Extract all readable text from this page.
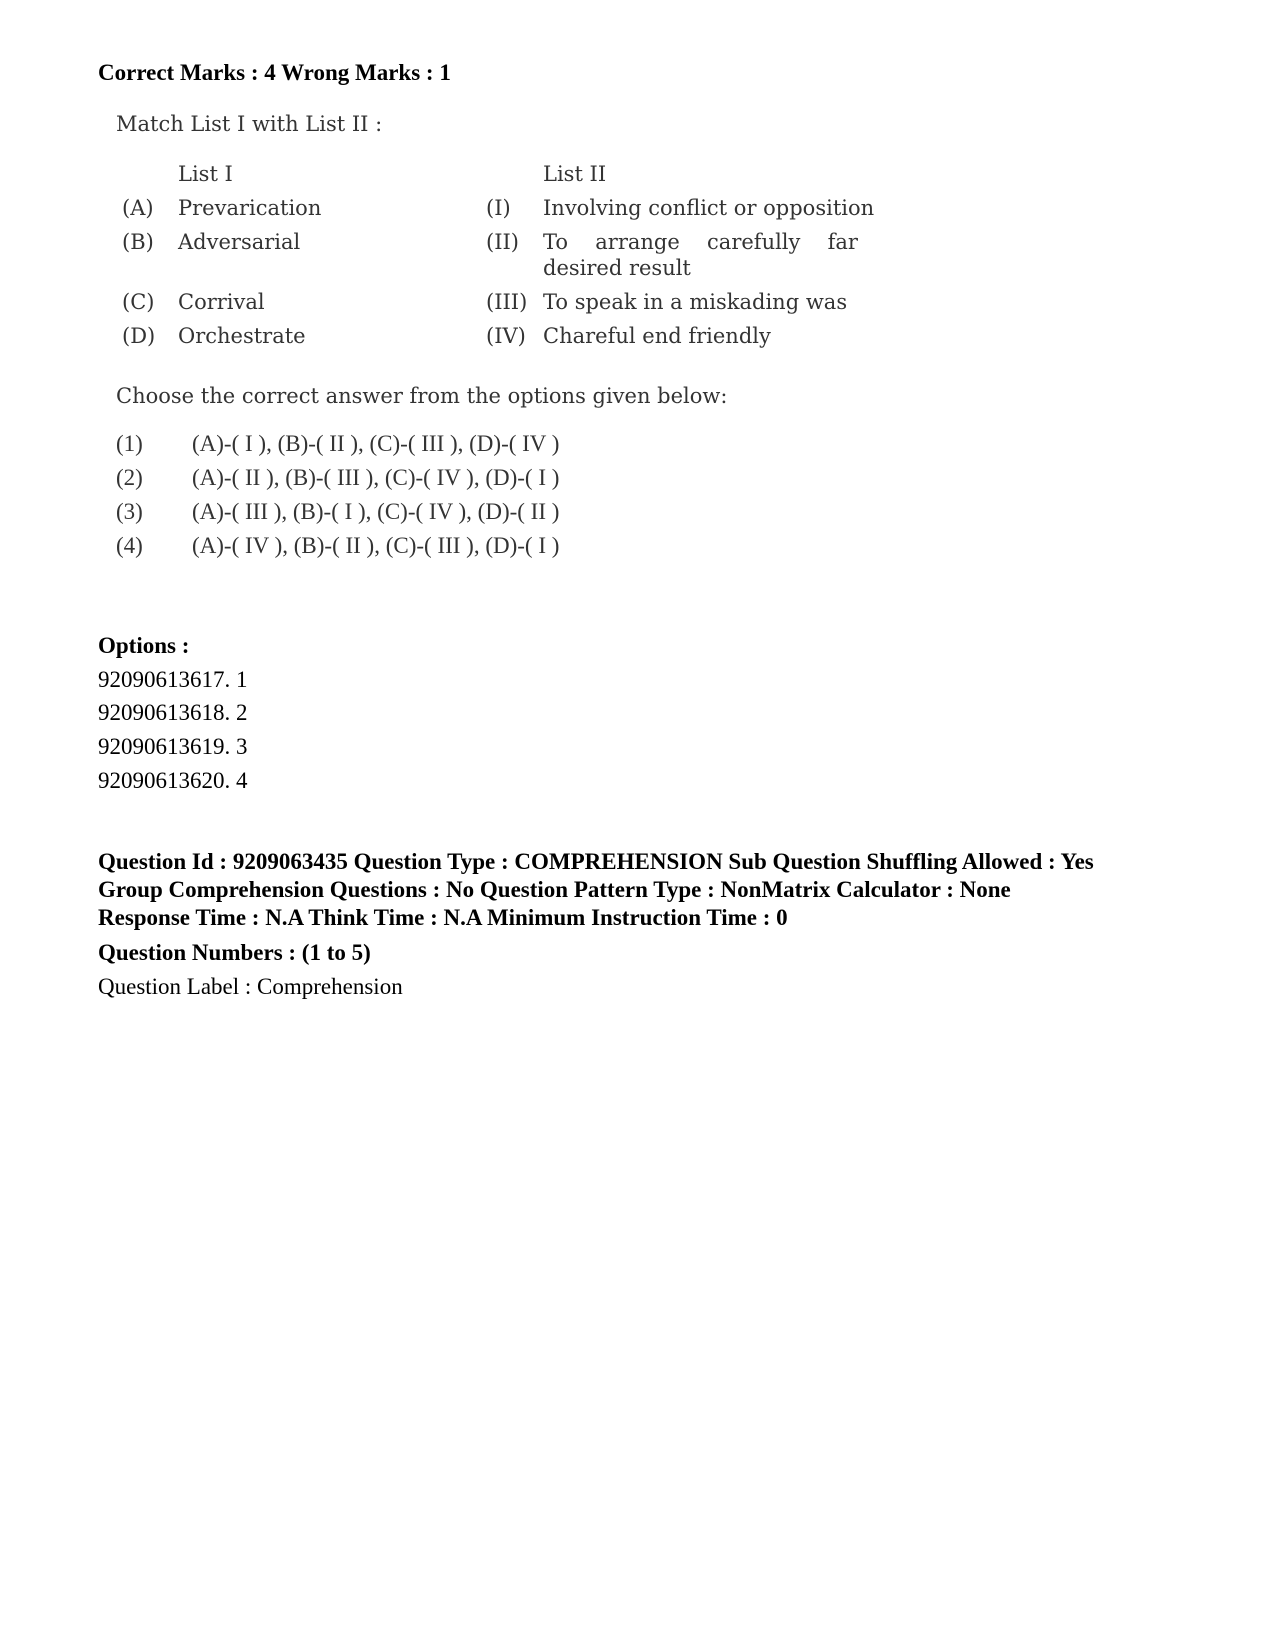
Correct Marks : 4 Wrong Marks : 1
Match List I with List II :
List I	List II
(A) Prevarication	(I) Involving conflict or opposition
(B) Adversarial	(II) To arrange carefully far
desired result
(C) Corrival	(III) To speak in a miskading was
(D) Orchestrate	(IV) Chareful end friendly
Choose the correct answer from the options given below:
(1) (A)-( I ), (B)-( II ), (C)-( III ), (D)-( IV )
(2) (A)-( II ), (B)-( III ), (C)-( IV ), (D)-( I )
(3) (A)-( III ), (B)-( I ), (C)-( IV ), (D)-( II )
(4) (A)-( IV ), (B)-( II ), (C)-( III ), (D)-( I )
Options :
92090613617. 1
92090613618. 2
92090613619. 3
92090613620. 4
Question Id : 9209063435 Question Type : COMPREHENSION Sub Question Shuffling Allowed : Yes
Group Comprehension Questions : No Question Pattern Type : NonMatrix Calculator : None
Response Time : N.A Think Time : N.A Minimum Instruction Time : 0
Question Numbers : (1 to 5)
Question Label : Comprehension
